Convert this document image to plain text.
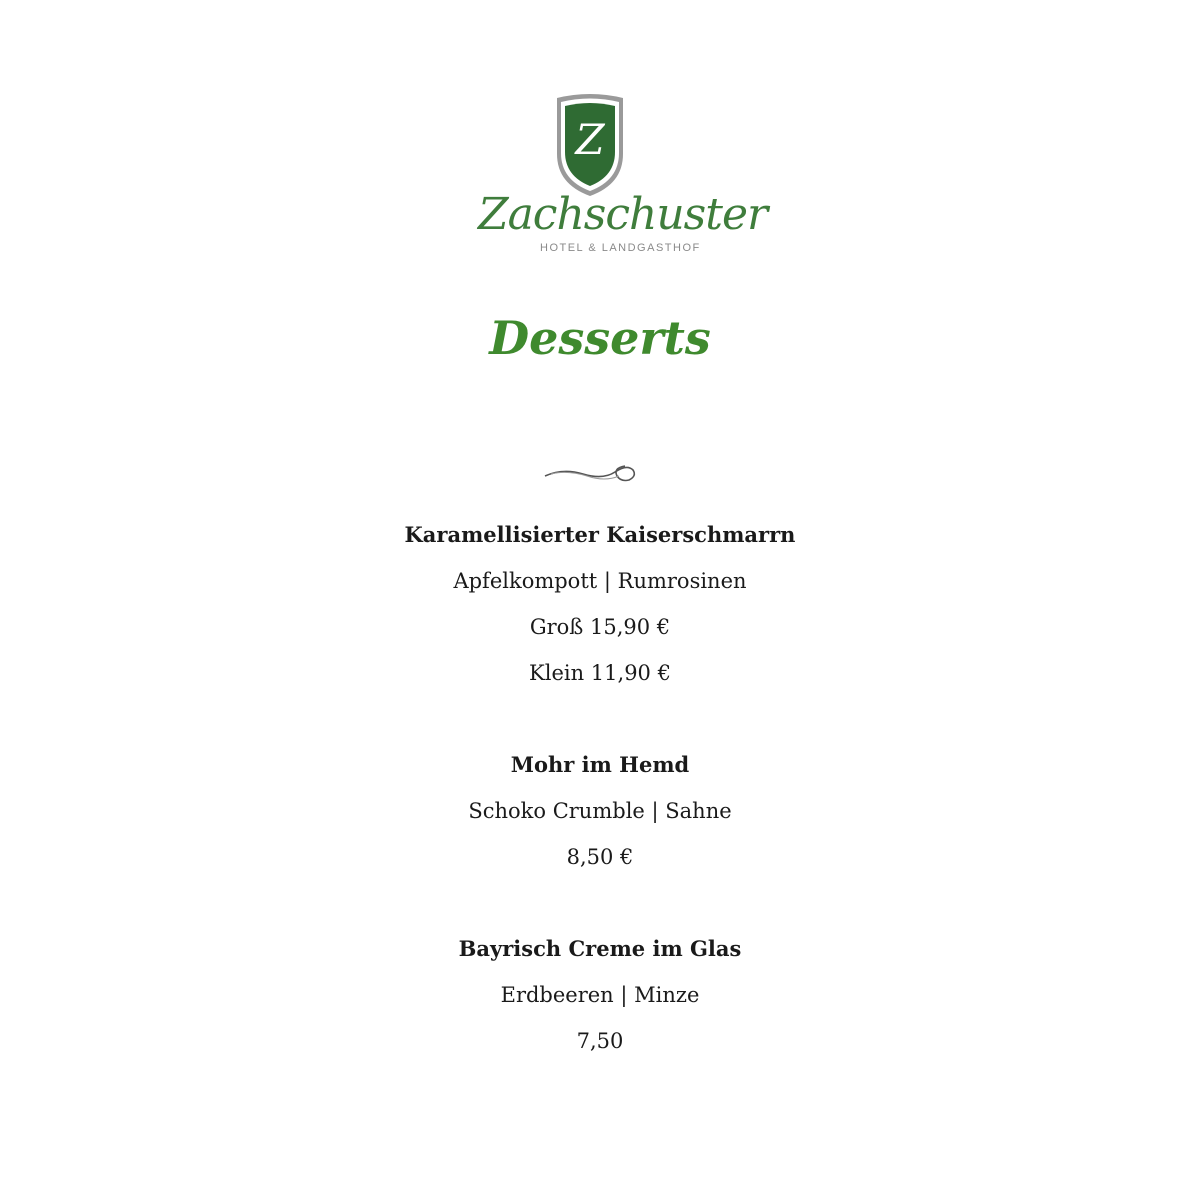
Z
Zachschuster
HOTEL & LANDGASTHOF
Desserts
Karamellisierter Kaiserschmarrn
Apfelkompott | Rumrosinen
Groß 15,90 €
Klein 11,90 €
Mohr im Hemd
Schoko Crumble | Sahne
8,50 €
Bayrisch Creme im Glas
Erdbeeren | Minze
7,50
